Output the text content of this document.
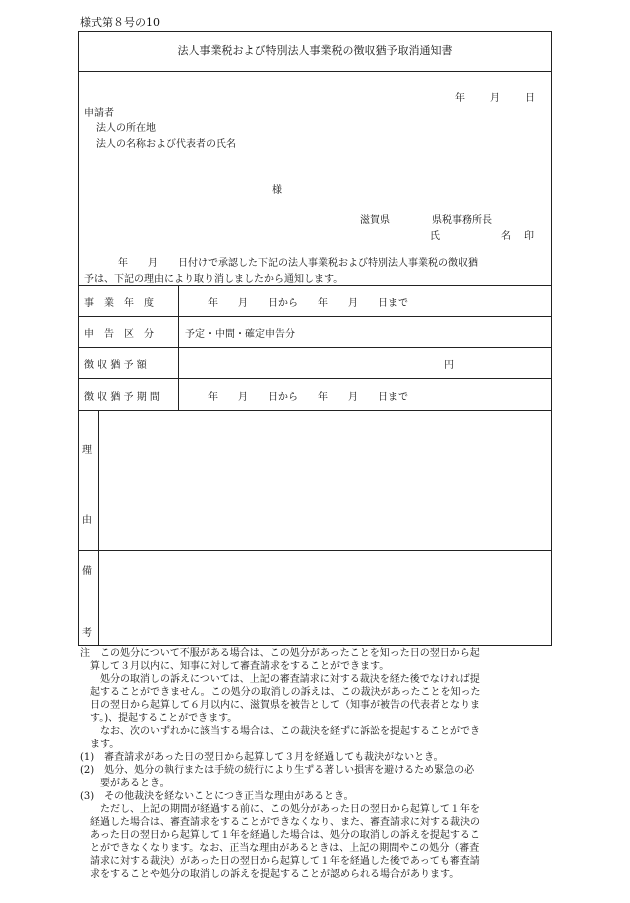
様式第８号の10
法人事業税および特別法人事業税の徴収猶予取消通知書
年	月	日
申請者
法人の所在地
法人の名称および代表者の氏名
様
滋賀県	県税事務所長
氏	名 印
年　　月　　日付けで承認した下記の法人事業税および特別法人事業税の徴収猶
予は、下記の理由により取り消しましたから通知します。
事　業　年　度	年　　月　　日から　　年　　月　　日まで
申　告　区　分	予定・中間・確定申告分
徴 収 猶 予 額	円
徴 収 猶 予 期 間	年　　月　　日から　　年　　月　　日まで
理
由
備
考
注　この処分について不服がある場合は、この処分があったことを知った日の翌日から起
　算して３月以内に、知事に対して審査請求をすることができます。
　　処分の取消しの訴えについては、上記の審査請求に対する裁決を経た後でなければ提
　起することができません。この処分の取消しの訴えは、この裁決があったことを知った
　日の翌日から起算して６月以内に、滋賀県を被告として（知事が被告の代表者となりま
　す。)、提起することができます。
　　なお、次のいずれかに該当する場合は、この裁決を経ずに訴訟を提起することができ
　ます。
(1)　審査請求があった日の翌日から起算して３月を経過しても裁決がないとき。
(2)　処分、処分の執行または手続の続行により生ずる著しい損害を避けるため緊急の必
　　要があるとき。
(3)　その他裁決を経ないことにつき正当な理由があるとき。
　　ただし、上記の期間が経過する前に、この処分があった日の翌日から起算して１年を
　経過した場合は、審査請求をすることができなくなり、また、審査請求に対する裁決の
　あった日の翌日から起算して１年を経過した場合は、処分の取消しの訴えを提起するこ
　とができなくなります。なお、正当な理由があるときは、上記の期間やこの処分（審査
　請求に対する裁決）があった日の翌日から起算して１年を経過した後であっても審査請
　求をすることや処分の取消しの訴えを提起することが認められる場合があります。
